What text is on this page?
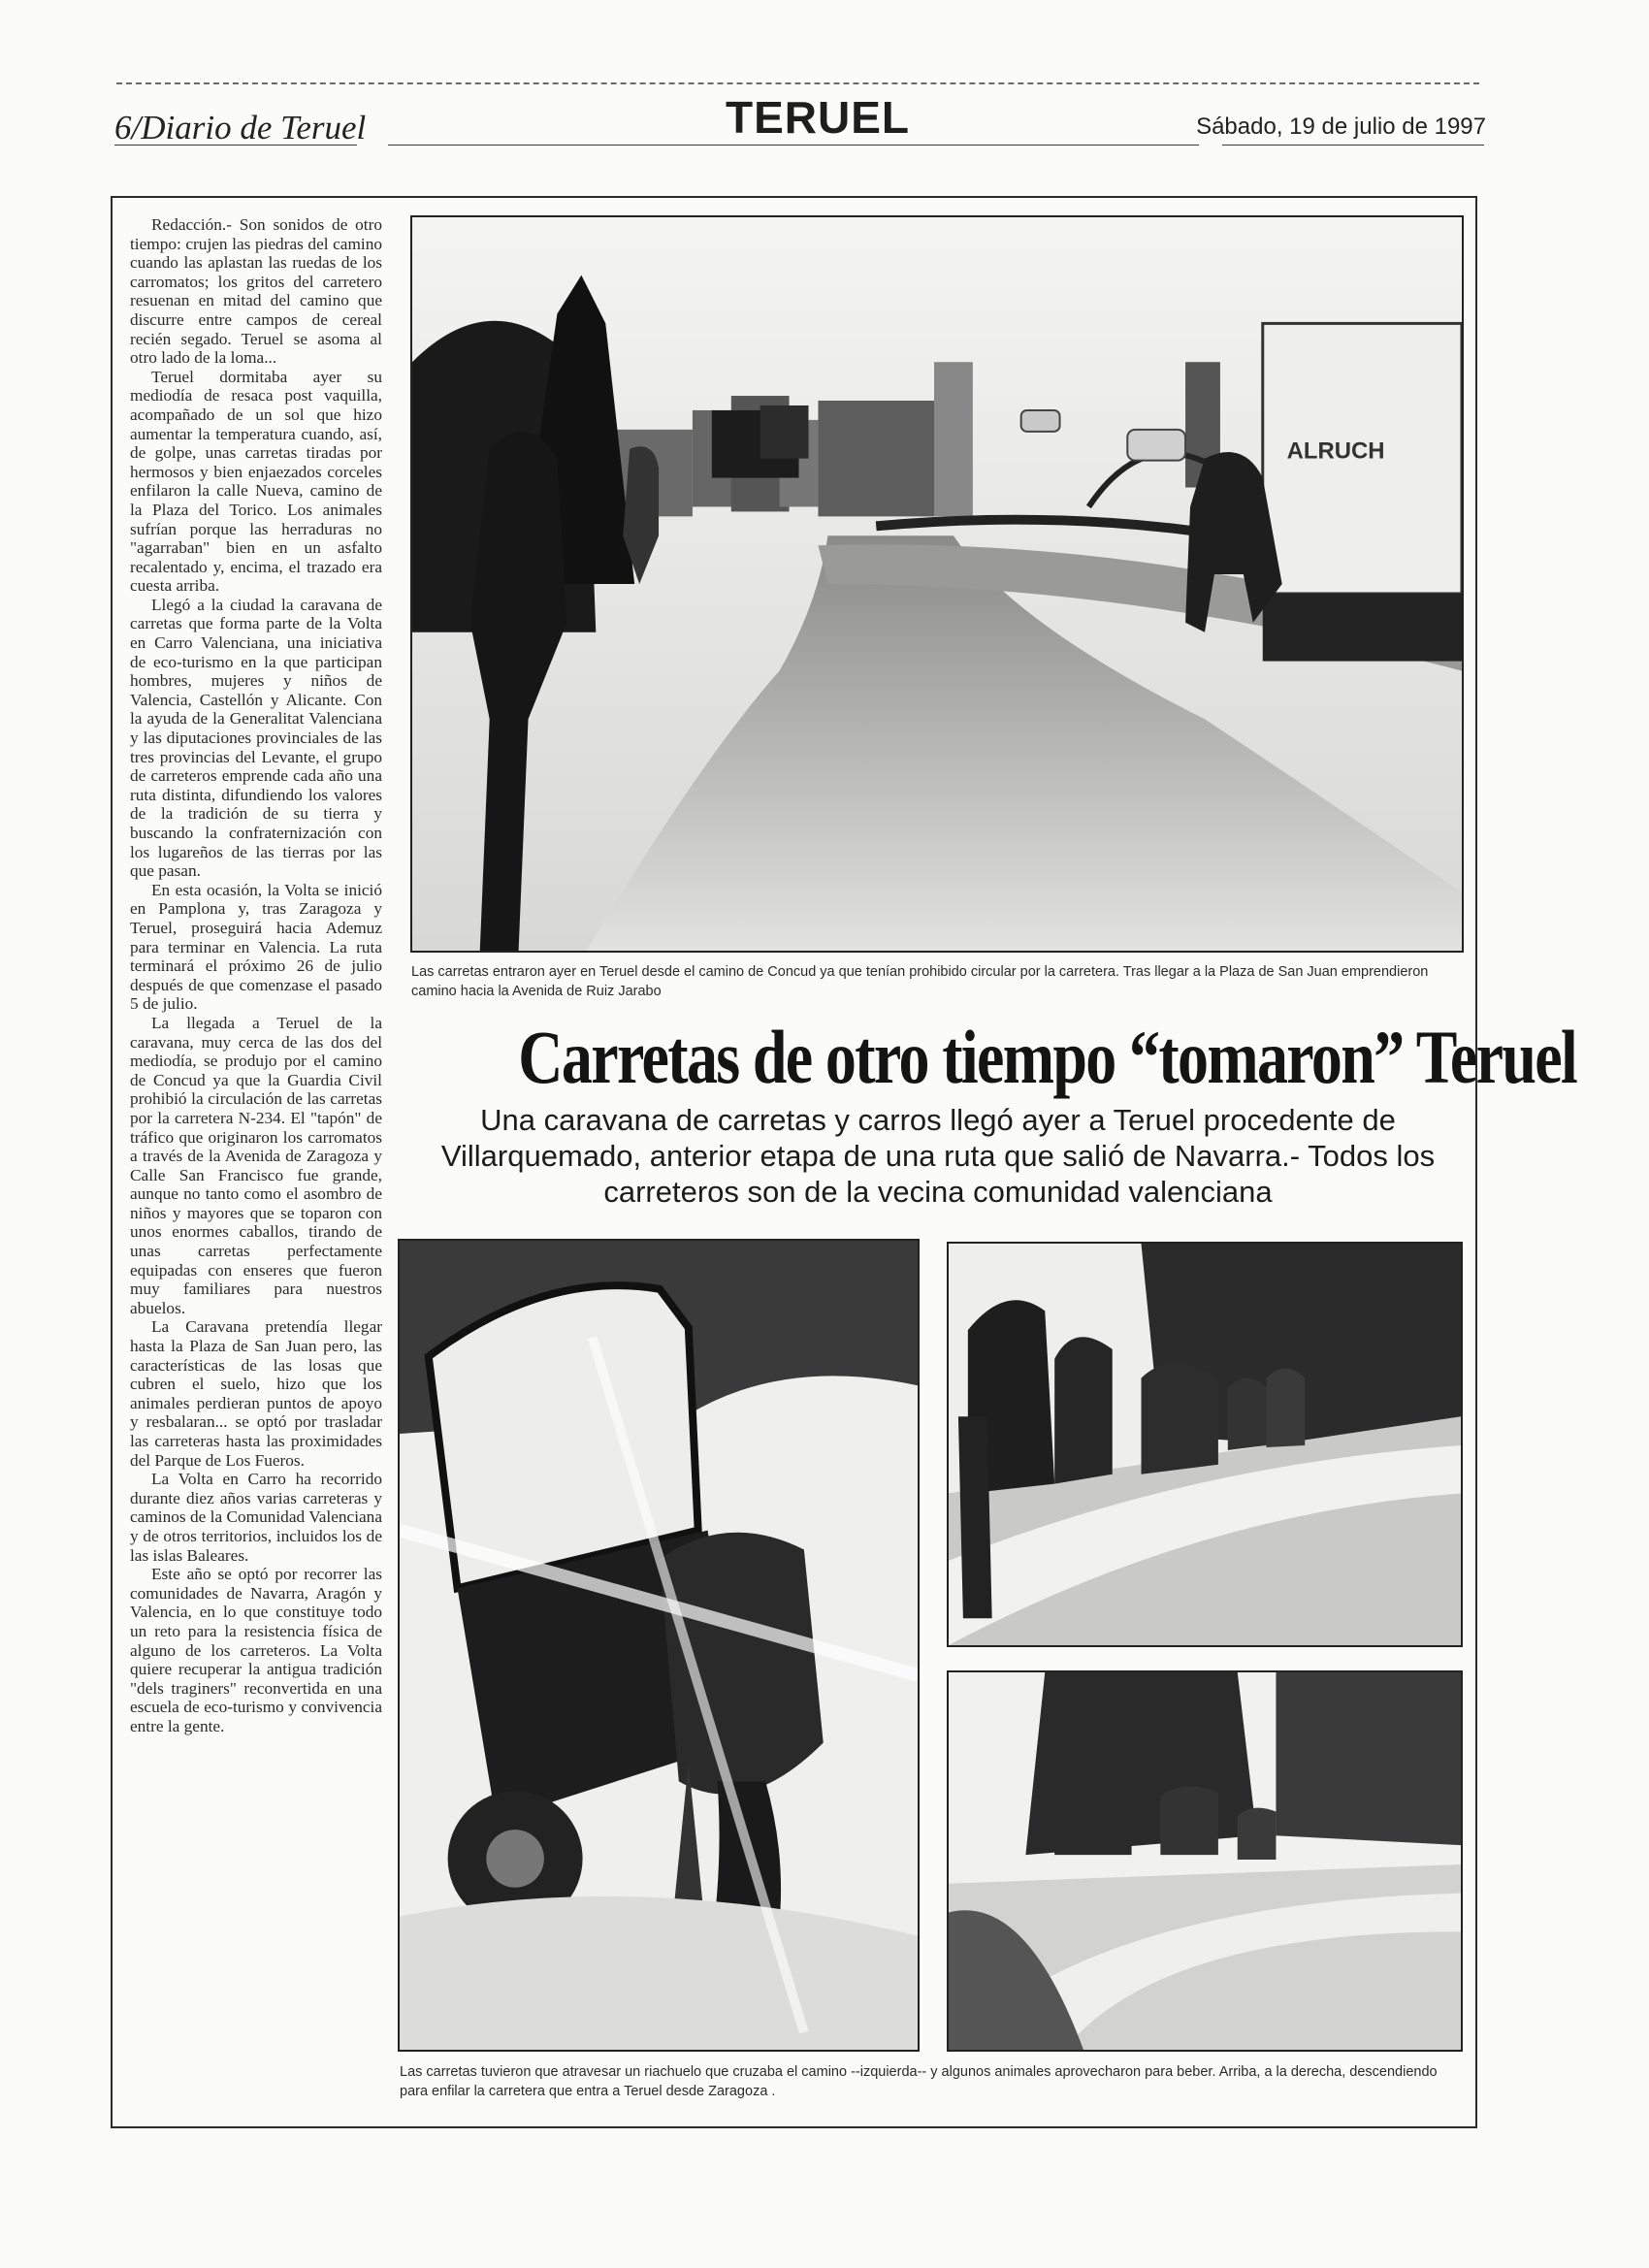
6/Diario de Teruel	TERUEL	Sábado, 19 de julio de 1997

Redacción.- Son sonidos de otro tiempo: crujen las piedras del camino cuando las aplastan las ruedas de los carromatos; los gritos del carretero resuenan en mitad del camino que discurre entre campos de cereal recién segado. Teruel se asoma al otro lado de la loma...

Teruel dormitaba ayer su mediodía de resaca post vaquilla, acompañado de un sol que hizo aumentar la temperatura cuando, así, de golpe, unas carretas tiradas por hermosos y bien enjaezados corceles enfilaron la calle Nueva, camino de la Plaza del Torico. Los animales sufrían porque las herraduras no "agarraban" bien en un asfalto recalentado y, encima, el trazado era cuesta arriba.

Llegó a la ciudad la caravana de carretas que forma parte de la Volta en Carro Valenciana, una iniciativa de eco-turismo en la que participan hombres, mujeres y niños de Valencia, Castellón y Alicante. Con la ayuda de la Generalitat Valenciana y las diputaciones provinciales de las tres provincias del Levante, el grupo de carreteros emprende cada año una ruta distinta, difundiendo los valores de la tradición de su tierra y buscando la confraternización con los lugareños de las tierras por las que pasan.

En esta ocasión, la Volta se inició en Pamplona y, tras Zaragoza y Teruel, proseguirá hacia Ademuz para terminar en Valencia. La ruta terminará el próximo 26 de julio después de que comenzase el pasado 5 de julio.

La llegada a Teruel de la caravana, muy cerca de las dos del mediodía, se produjo por el camino de Concud ya que la Guardia Civil prohibió la circulación de las carretas por la carretera N-234. El "tapón" de tráfico que originaron los carromatos a través de la Avenida de Zaragoza y Calle San Francisco fue grande, aunque no tanto como el asombro de niños y mayores que se toparon con unos enormes caballos, tirando de unas carretas perfectamente equipadas con enseres que fueron muy familiares para nuestros abuelos.

La Caravana pretendía llegar hasta la Plaza de San Juan pero, las características de las losas que cubren el suelo, hizo que los animales perdieran puntos de apoyo y resbalaran... se optó por trasladar las carreteras hasta las proximidades del Parque de Los Fueros.

La Volta en Carro ha recorrido durante diez años varias carreteras y caminos de la Comunidad Valenciana y de otros territorios, incluidos los de las islas Baleares.

Este año se optó por recorrer las comunidades de Navarra, Aragón y Valencia, en lo que constituye todo un reto para la resistencia física de alguno de los carreteros. La Volta quiere recuperar la antigua tradición "dels traginers" reconvertida en una escuela de eco-turismo y convivencia entre la gente.

ALRUCH
Las carretas entraron ayer en Teruel desde el camino de Concud ya que tenían prohibido circular por la carretera. Tras llegar a la Plaza de San Juan emprendieron camino hacia la Avenida de Ruiz Jarabo
Carretas de otro tiempo “tomaron” Teruel
Una caravana de carretas y carros llegó ayer a Teruel procedente de Villarquemado, anterior etapa de una ruta que salió de Navarra.- Todos los carreteros son de la vecina comunidad valenciana
Las carretas tuvieron que atravesar un riachuelo que cruzaba el camino --izquierda-- y algunos animales aprovecharon para beber. Arriba, a la derecha, descendiendo para enfilar la carretera que entra a Teruel desde Zaragoza .
